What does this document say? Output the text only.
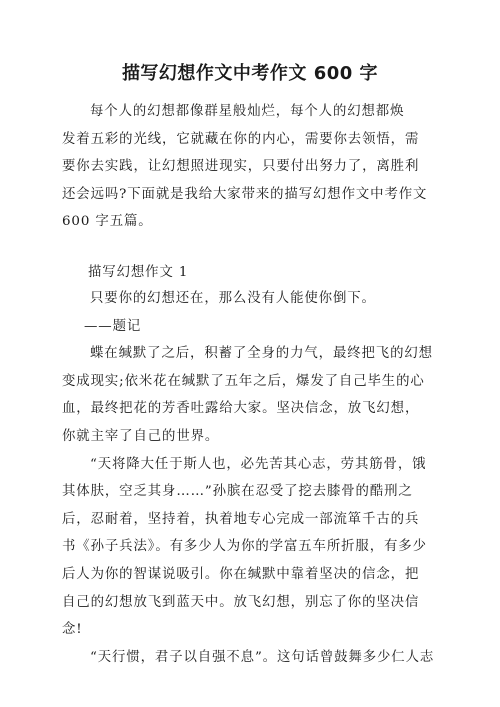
描写幻想作文中考作文 600 字
每个人的幻想都像群星般灿烂，每个人的幻想都焕
发着五彩的光线，它就藏在你的内心，需要你去领悟，需
要你去实践，让幻想照进现实，只要付出努力了，离胜利
还会远吗?下面就是我给大家带来的描写幻想作文中考作文
600 字五篇。
描写幻想作文 1
只要你的幻想还在，那么没有人能使你倒下。
——题记
蝶在缄默了之后，积蓄了全身的力气，最终把飞的幻想
变成现实;依米花在缄默了五年之后，爆发了自己毕生的心
血，最终把花的芳香吐露给大家。坚决信念，放飞幻想，
你就主宰了自己的世界。
“天将降大任于斯人也，必先苦其心志，劳其筋骨，饿
其体肤，空乏其身……”孙膑在忍受了挖去膝骨的酷刑之
后，忍耐着，坚持着，执着地专心完成一部流箪千古的兵
书《孙子兵法》。有多少人为你的学富五车所折服，有多少
后人为你的智谋说吸引。你在缄默中靠着坚决的信念，把
自己的幻想放飞到蓝天中。放飞幻想，别忘了你的坚决信
念!
“天行惯，君子以自强不息”。这句话曾鼓舞多少仁人志
